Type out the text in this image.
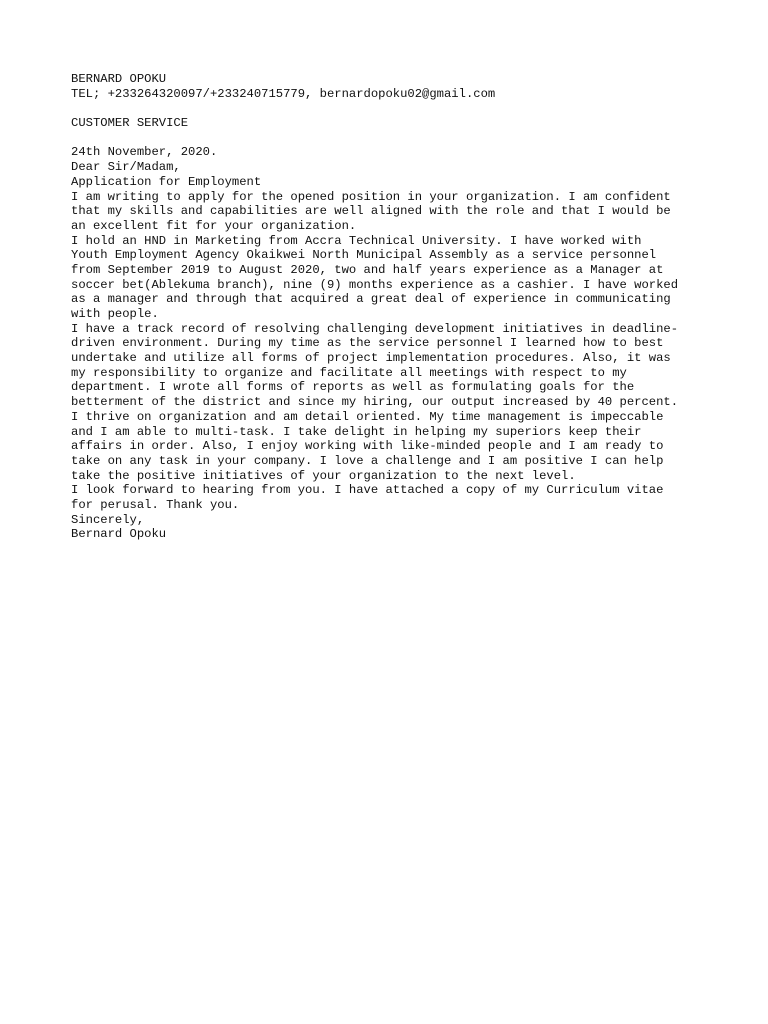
BERNARD OPOKU
TEL; +233264320097/+233240715779, bernardopoku02@gmail.com
CUSTOMER SERVICE
24th November, 2020.
Dear Sir/Madam,
Application for Employment
I am writing to apply for the opened position in your organization. I am confident
that my skills and capabilities are well aligned with the role and that I would be
an excellent fit for your organization.
I hold an HND in Marketing from Accra Technical University. I have worked with
Youth Employment Agency Okaikwei North Municipal Assembly as a service personnel
from September 2019 to August 2020, two and half years experience as a Manager at
soccer bet(Ablekuma branch), nine (9) months experience as a cashier. I have worked
as a manager and through that acquired a great deal of experience in communicating
with people.
I have a track record of resolving challenging development initiatives in deadline-
driven environment. During my time as the service personnel I learned how to best
undertake and utilize all forms of project implementation procedures. Also, it was
my responsibility to organize and facilitate all meetings with respect to my
department. I wrote all forms of reports as well as formulating goals for the
betterment of the district and since my hiring, our output increased by 40 percent.
I thrive on organization and am detail oriented. My time management is impeccable
and I am able to multi-task. I take delight in helping my superiors keep their
affairs in order. Also, I enjoy working with like-minded people and I am ready to
take on any task in your company. I love a challenge and I am positive I can help
take the positive initiatives of your organization to the next level.
I look forward to hearing from you. I have attached a copy of my Curriculum vitae
for perusal. Thank you.
Sincerely,
Bernard Opoku
